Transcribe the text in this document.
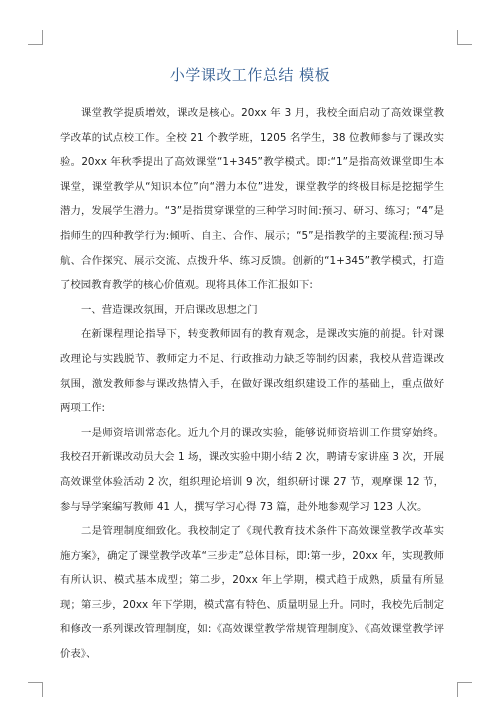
小学课改工作总结 模板

课堂教学提质增效，课改是核心。20xx 年 3 月，我校全面启动了高效课堂教学改革的试点校工作。全校 21 个教学班，1205 名学生，38 位教师参与了课改实验。20xx 年秋季提出了高效课堂“1+345”教学模式。即:“1”是指高效课堂即生本课堂，课堂教学从“知识本位”向“潜力本位”进发，课堂教学的终极目标是挖掘学生潜力，发展学生潜力。“3”是指贯穿课堂的三种学习时间:预习、研习、练习；“4”是指师生的四种教学行为:倾听、自主、合作、展示；“5”是指教学的主要流程:预习导航、合作探究、展示交流、点拨升华、练习反馈。创新的“1+345”教学模式，打造了校园教育教学的核心价值观。现将具体工作汇报如下:

一、营造课改氛围，开启课改思想之门

在新课程理论指导下，转变教师固有的教育观念，是课改实施的前提。针对课改理论与实践脱节、教师定力不足、行政推动力缺乏等制约因素，我校从营造课改氛围，激发教师参与课改热情入手，在做好课改组织建设工作的基础上，重点做好两项工作:

一是师资培训常态化。近九个月的课改实验，能够说师资培训工作贯穿始终。我校召开新课改动员大会 1 场，课改实验中期小结 2 次，聘请专家讲座 3 次，开展高效课堂体验活动 2 次，组织理论培训 9 次，组织研讨课 27 节，观摩课 12 节，参与导学案编写教师 41 人，撰写学习心得 73 篇，赴外地参观学习 123 人次。

二是管理制度细致化。我校制定了《现代教育技术条件下高效课堂教学改革实施方案》，确定了课堂教学改革“三步走”总体目标，即:第一步，20xx 年，实现教师有所认识、模式基本成型；第二步，20xx 年上学期，模式趋于成熟，质量有所显现；第三步，20xx 年下学期，模式富有特色、质量明显上升。同时，我校先后制定和修改一系列课改管理制度，如:《高效课堂教学常规管理制度》、《高效课堂教学评价表》、
